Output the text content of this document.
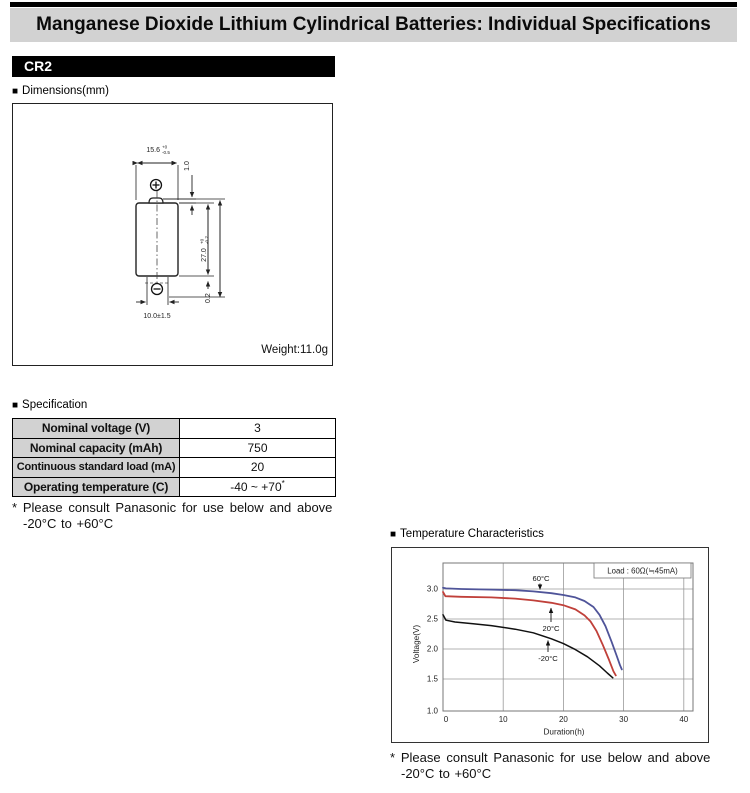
Manganese Dioxide Lithium Cylindrical Batteries: Individual Specifications
CR2
■ Dimensions(mm)
15.6 +0
-0.5
1.0
27.0
+0 -0.7
0.2
10.0±1.5
Weight:11.0g
■ Specification
Nominal voltage (V)	3
Nominal capacity (mAh)	750
Continuous standard load (mA)	20
Operating temperature (C)	-40 ~ +70*
* Please consult Panasonic for use below and above
-20°C to +60°C
■ Temperature Characteristics
Load : 60Ω(≒45mA)
3.0
2.5
2.0
1.5
1.0
0	10	20	30	40
Voltage(V)
Duration(h)
60°C
20°C
-20°C
* Please consult Panasonic for use below and above
-20°C to +60°C
